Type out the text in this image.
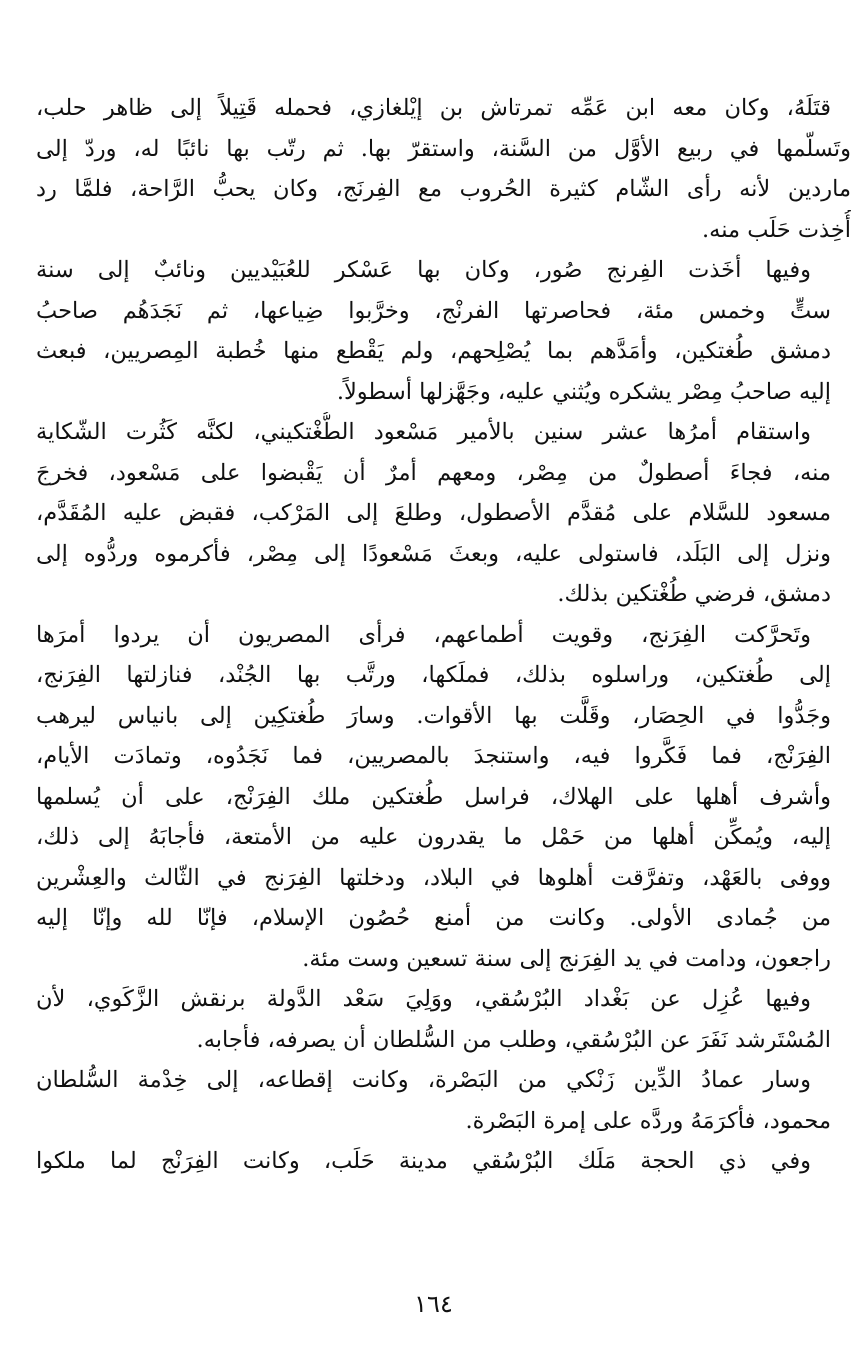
قتَلَهُ، وكان معه ابن عَمِّه تمرتاش بن إيْلغازي، فحمله قَتِيلاً إلى ظاهر حلب،
وتَسلّمها في ربيع الأوَّل من السَّنة، واستقرّ بها. ثم رتّب بها نائبًا له، وردّ إلى
ماردين لأنه رأى الشّام كثيرة الحُروب مع الفِرنَج، وكان يحبُّ الرَّاحة، فلمَّا رد
أُخِذت حَلَب منه.
وفيها أخَذت الفِرنج صُور، وكان بها عَسْكر للعُبَيْديين ونائبٌ إلى سنة
ستٍّ وخمس مئة، فحاصرتها الفرنْج، وخرَّبوا ضِياعها، ثم نَجَدَهُم صاحبُ
دمشق طُغتكين، وأمَدَّهم بما يُصْلِحهم، ولم يَقْطع منها خُطبة المِصريين، فبعث
إليه صاحبُ مِصْر يشكره ويُثني عليه، وجَهَّزلها أسطولاً.
واستقام أمرُها عشر سنين بالأمير مَسْعود الطُّغْتكيني، لكنَّه كَثُرت الشّكاية
منه، فجاءَ أصطولٌ من مِصْر، ومعهم أمرٌ أن يَقْبضوا على مَسْعود، فخرجَ
مسعود للسَّلام على مُقدَّم الأصطول، وطلعَ إلى المَرْكب، فقبض عليه المُقَدَّم،
ونزل إلى البَلَد، فاستولى عليه، وبعثَ مَسْعودًا إلى مِصْر، فأكرموه وردُّوه إلى
دمشق، فرضي طُغْتكين بذلك.
وتَحرَّكت الفِرَنج، وقويت أطماعهم، فرأى المصريون أن يردوا أمرَها
إلى طُغتكين، وراسلوه بذلك، فملَكها، ورتَّب بها الجُنْد، فنازلتها الفِرَنج،
وجَدُّوا في الحِصَار، وقَلَّت بها الأقوات. وسارَ طُغتكِين إلى بانياس ليرهب
الفِرَنْج، فما فَكَّروا فيه، واستنجدَ بالمصريين، فما نَجَدُوه، وتمادَت الأيام،
وأشرف أهلها على الهلاك، فراسل طُغتكين ملك الفِرَنْج، على أن يُسلمها
إليه، ويُمكِّن أهلها من حَمْل ما يقدرون عليه من الأمتعة، فأجابَهُ إلى ذلك،
ووفى بالعَهْد، وتفرَّقت أهلوها في البلاد، ودخلتها الفِرَنج في الثّالث والعِشْرين
من جُمادى الأولى. وكانت من أمنع حُصُون الإسلام، فإنّا لله وإنّا إليه
راجعون، ودامت في يد الفِرَنج إلى سنة تسعين وست مئة.
وفيها عُزِل عن بَغْداد البُرْسُقي، ووَلِيَ سَعْد الدَّولة برنقش الزَّكَوي، لأن
المُسْتَرشد نَفَرَ عن البُرْسُقي، وطلب من السُّلطان أن يصرفه، فأجابه.
وسار عمادُ الدِّين زَنْكي من البَصْرة، وكانت إقطاعه، إلى خِدْمة السُّلطان
محمود، فأكرَمَهُ وردَّه على إمرة البَصْرة.
وفي ذي الحجة مَلَك البُرْسُقي مدينة حَلَب، وكانت الفِرَنْج لما ملكوا
١٦٤
